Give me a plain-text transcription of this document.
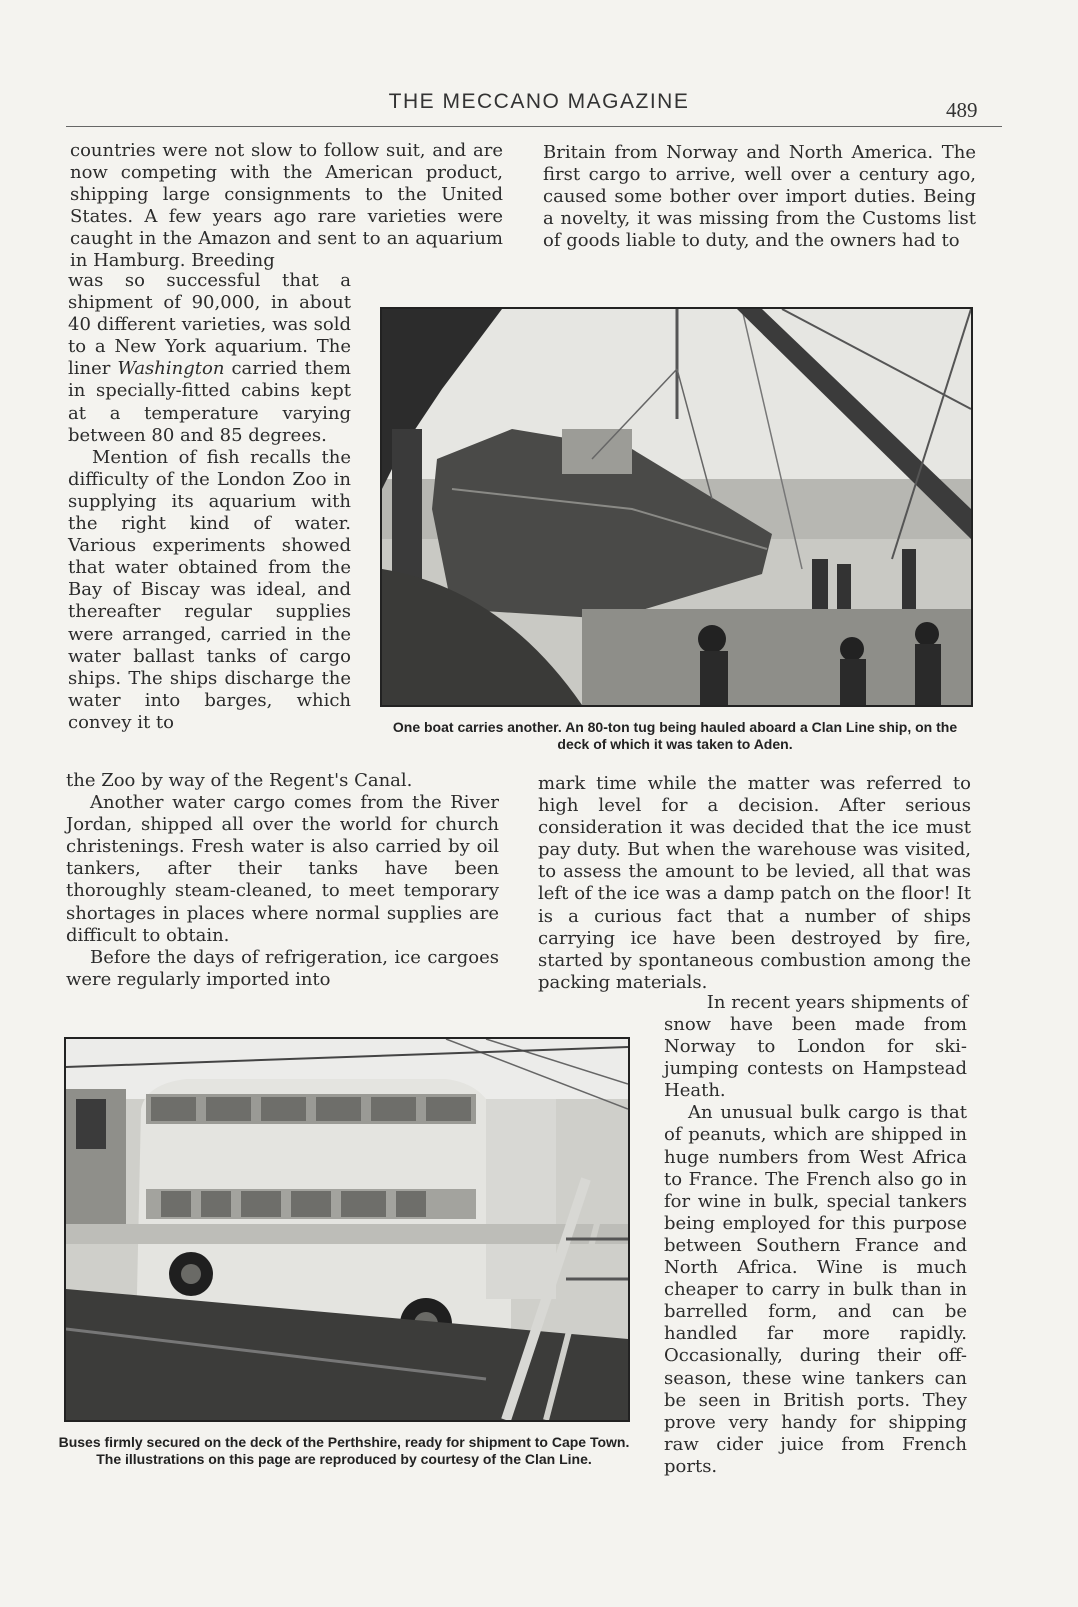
THE MECCANO MAGAZINE	489

countries were not slow to follow suit, and are now competing with the American product, shipping large consignments to the United States. A few years ago rare varieties were caught in the Amazon and sent to an aquarium in Hamburg. Breeding

Britain from Norway and North America. The first cargo to arrive, well over a century ago, caused some bother over import duties. Being a novelty, it was missing from the Customs list of goods liable to duty, and the owners had to

was so successful that a shipment of 90,000, in about 40 different varieties, was sold to a New York aquarium. The liner Washington carried them in specially-fitted cabins kept at a temperature varying between 80 and 85 degrees.

Mention of fish recalls the difficulty of the London Zoo in supplying its aquarium with the right kind of water. Various experiments showed that water obtained from the Bay of Biscay was ideal, and thereafter regular supplies were arranged, carried in the water ballast tanks of cargo ships. The ships discharge the water into barges, which convey it to	One boat carries another. An 80-ton tug being hauled aboard a Clan Line ship, on the deck of which it was taken to Aden.

the Zoo by way of the Regent's Canal.

Another water cargo comes from the River Jordan, shipped all over the world for church christenings. Fresh water is also carried by oil tankers, after their tanks have been thoroughly steam-cleaned, to meet temporary shortages in places where normal supplies are difficult to obtain.

Before the days of refrigeration, ice cargoes were regularly imported into

mark time while the matter was referred to high level for a decision. After serious consideration it was decided that the ice must pay duty. But when the warehouse was visited, to assess the amount to be levied, all that was left of the ice was a damp patch on the floor! It is a curious fact that a number of ships carrying ice have been destroyed by fire, started by spontaneous combustion among the packing materials.

In recent years shipments of

Buses firmly secured on the deck of the Perthshire, ready for shipment to Cape Town. The illustrations on this page are reproduced by courtesy of the Clan Line.

snow have been made from Norway to London for ski-jumping contests on Hampstead Heath.

An unusual bulk cargo is that of peanuts, which are shipped in huge numbers from West Africa to France. The French also go in for wine in bulk, special tankers being employed for this purpose between Southern France and North Africa. Wine is much cheaper to carry in bulk than in barrelled form, and can be handled far more rapidly. Occasionally, during their off-season, these wine tankers can be seen in British ports. They prove very handy for shipping raw cider juice from French ports.
